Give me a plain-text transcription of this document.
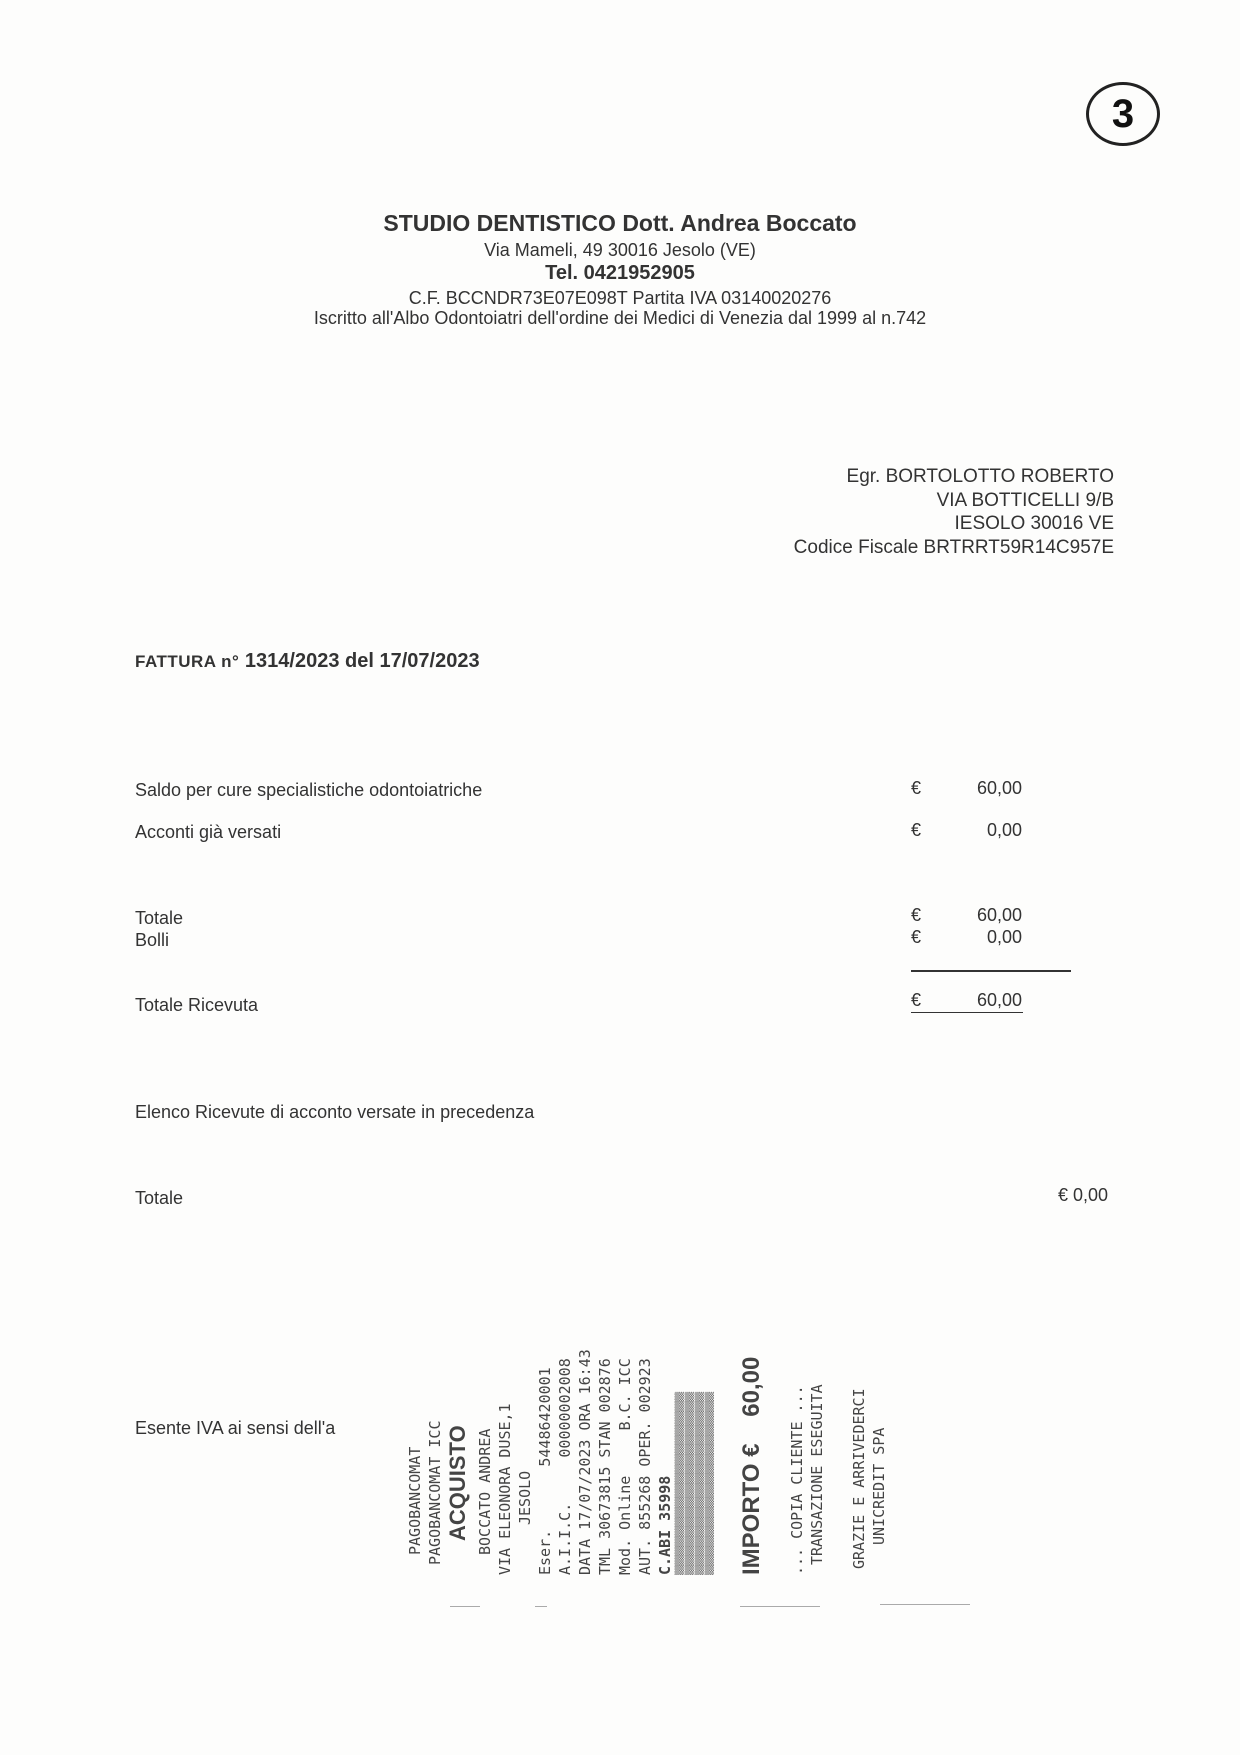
3
STUDIO DENTISTICO Dott. Andrea Boccato
Via Mameli, 49 30016 Jesolo (VE)
Tel. 0421952905
C.F. BCCNDR73E07E098T Partita IVA 03140020276
Iscritto all'Albo Odontoiatri dell'ordine dei Medici di Venezia dal 1999 al n.742
Egr. BORTOLOTTO ROBERTO
VIA BOTTICELLI 9/B
IESOLO 30016 VE
Codice Fiscale BRTRRT59R14C957E
FATTURA n° 1314/2023 del 17/07/2023
Saldo per cure specialistiche odontoiatriche	€	60,00
Acconti già versati	€	0,00
Totale	€	60,00
Bolli	€	0,00
Totale Ricevuta	€	60,00
Elenco Ricevute di acconto versate in precedenza
Totale	€ 0,00
Esente IVA ai sensi dell'a
PAGOBANCOMAT PAGOBANCOMAT ICC ACQUISTO BOCCATO ANDREA VIA ELEONORA DUSE,1 JESOLO Eser.       54486420001 A.I.I.C.     00000002008 DATA 17/07/2023 ORA 16:43 TML 30673815 STAN 002876 Mod. Online     B.C. ICC AUT. 855268 OPER. 002923 C.ABI 35998 ▒▒▒▒▒▒▒▒▒▒▒▒▒▒▒▒▒▒▒▒▒▒▒▒▒▒▒▒▒▒▒▒▒▒▒▒▒▒ ▒▒▒▒▒▒▒▒▒▒▒▒▒▒▒▒▒▒▒▒▒▒▒▒▒▒▒▒▒▒▒▒▒▒▒▒▒▒ ▒▒▒▒▒▒▒▒▒▒▒▒▒▒▒▒▒▒▒▒▒▒▒▒▒▒▒▒▒▒▒▒▒▒▒▒▒▒ ▒▒▒▒▒▒▒▒▒▒▒▒▒▒▒▒▒▒▒▒▒▒▒▒▒▒▒▒▒▒▒▒▒▒▒▒▒▒ IMPORTO €    60,00 ... COPIA CLIENTE ... TRANSAZIONE ESEGUITA GRAZIE E ARRIVEDERCI UNICREDIT SPA
